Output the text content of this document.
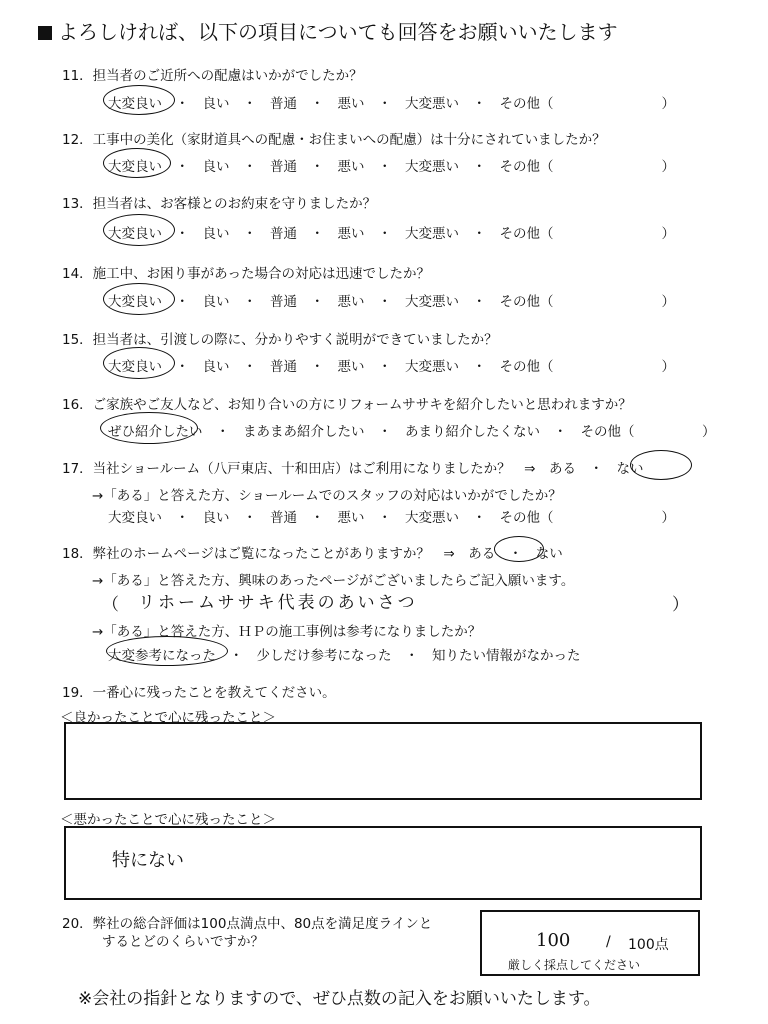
よろしければ、以下の項目についても回答をお願いいたします
11．担当者のご近所への配慮はいかがでしたか？
大変良い　・　良い　・　普通　・　悪い　・　大変悪い　・　その他（　　　　　　　　）
12．工事中の美化（家財道具への配慮・お住まいへの配慮）は十分にされていましたか？
大変良い　・　良い　・　普通　・　悪い　・　大変悪い　・　その他（　　　　　　　　）
13．担当者は、お客様とのお約束を守りましたか？
大変良い　・　良い　・　普通　・　悪い　・　大変悪い　・　その他（　　　　　　　　）
14．施工中、お困り事があった場合の対応は迅速でしたか？
大変良い　・　良い　・　普通　・　悪い　・　大変悪い　・　その他（　　　　　　　　）
15．担当者は、引渡しの際に、分かりやすく説明ができていましたか？
大変良い　・　良い　・　普通　・　悪い　・　大変悪い　・　その他（　　　　　　　　）
16．ご家族やご友人など、お知り合いの方にリフォームササキを紹介したいと思われますか？
ぜひ紹介したい　・　まあまあ紹介したい　・　あまり紹介したくない　・　その他（　　　　　）
17．当社ショールーム（八戸東店、十和田店）はご利用になりましたか？　⇒　ある　・　ない
→「ある」と答えた方、ショールームでのスタッフの対応はいかがでしたか？
大変良い　・　良い　・　普通　・　悪い　・　大変悪い　・　その他（　　　　　　　　）
18．弊社のホームページはご覧になったことがありますか？　⇒　ある　・　ない
→「ある」と答えた方、興味のあったページがございましたらご記入願います。
（ リホームササキ代表のあいさつ	）
→「ある」と答えた方、ＨＰの施工事例は参考になりましたか？
大変参考になった　・　少しだけ参考になった　・　知りたい情報がなかった
19．一番心に残ったことを教えてください。
＜良かったことで心に残ったこと＞
＜悪かったことで心に残ったこと＞
特にない
20．弊社の総合評価は100点満点中、80点を満足度ラインと
するとどのくらいですか？	100	/ 100点
厳しく採点してください
※会社の指針となりますので、ぜひ点数の記入をお願いいたします。
